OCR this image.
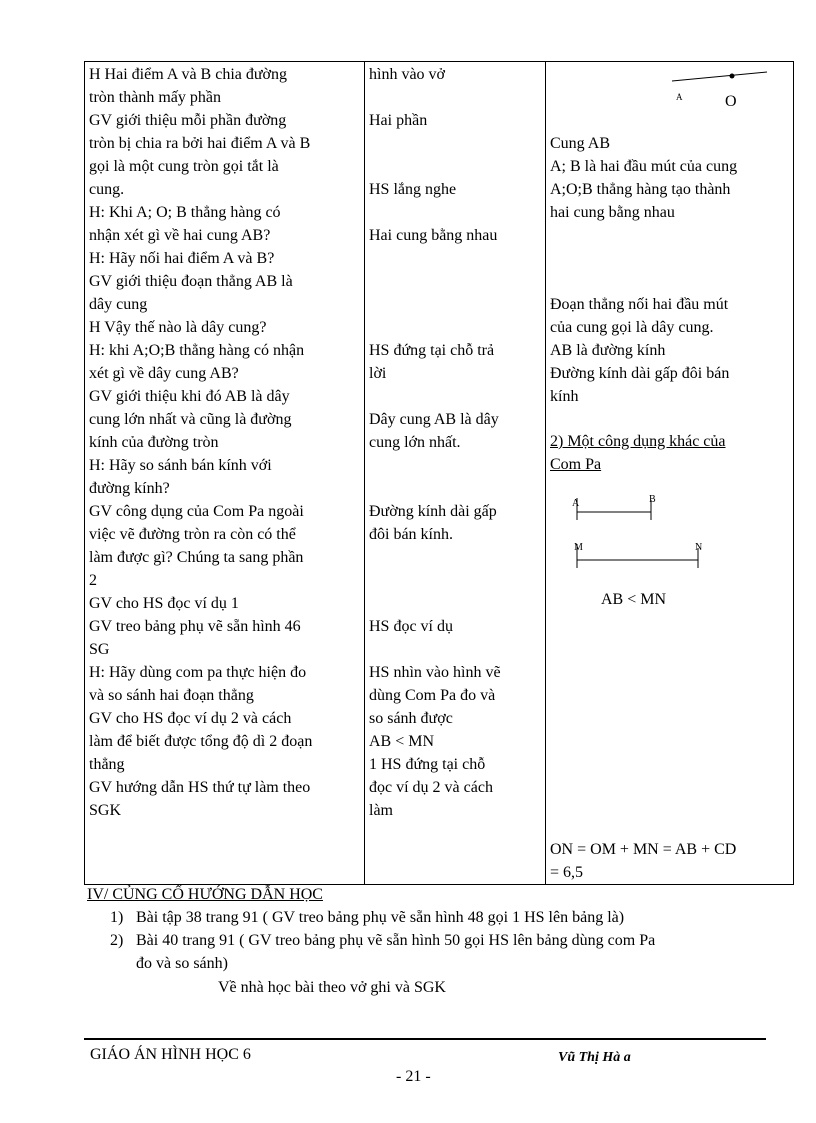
H Hai điểm A và B chia đường
tròn thành mấy phần
GV giới thiệu mỗi phần đường
tròn bị chia ra bởi hai điểm A và B
gọi là một cung tròn gọi tắt là
cung.
H: Khi A; O; B thẳng hàng có
nhận xét gì về hai cung AB?
H: Hãy nối hai điểm A và B?
GV giới thiệu đoạn thẳng AB là
dây cung
H Vậy thế nào là dây cung?
H: khi A;O;B thẳng hàng có nhận
xét gì về dây cung AB?
GV giới thiệu khi đó AB là dây
cung lớn nhất và cũng là đường
kính của đường tròn
H: Hãy so sánh bán kính với
đường kính?
GV công dụng của Com Pa ngoài
việc vẽ đường tròn ra còn có thể
làm được gì? Chúng ta sang phần
2
GV cho HS đọc ví dụ 1
GV treo bảng phụ vẽ sẵn hình 46
SG
H: Hãy dùng com pa thực hiện đo
và so sánh hai đoạn thẳng
GV cho HS đọc ví dụ 2 và cách
làm để biết được tổng độ dì 2 đoạn
thẳng
GV hướng dẫn HS thứ tự làm theo
SGK

hình vào vở
Hai phần
HS lắng nghe
Hai cung bằng nhau
HS đứng tại chỗ trả
lời
Dây cung AB là dây
cung lớn nhất.
Đường kính dài gấp
đôi bán kính.
HS đọc ví dụ
HS nhìn vào hình vẽ
dùng Com Pa đo và
so sánh được
AB < MN
1 HS đứng tại chỗ
đọc ví dụ 2 và cách
làm

A	O
2) Một công dụng khác của
Com Pa
A	B
M	N
AB < MN
ON = OM + MN = AB + CD
= 6,5
Cung AB
A; B là hai đầu mút của cung
A;O;B thẳng hàng tạo thành
hai cung bằng nhau
Đoạn thẳng nối hai đầu mút
của cung gọi là dây cung.
AB là đường kính
Đường kính dài gấp đôi bán
kính
IV/ CỦNG CỐ HƯỚNG DẪN HỌC
1) Bài tập 38 trang 91 ( GV treo bảng phụ vẽ sẵn hình 48 gọi 1 HS lên bảng là)
2) Bài 40 trang 91 ( GV treo bảng phụ vẽ sẵn hình 50 gọi HS lên bảng dùng com Pa
đo và so sánh)
Về nhà học bài theo vở ghi và SGK
GIÁO ÁN HÌNH HỌC 6	Vũ Thị Hà a
- 21 -
